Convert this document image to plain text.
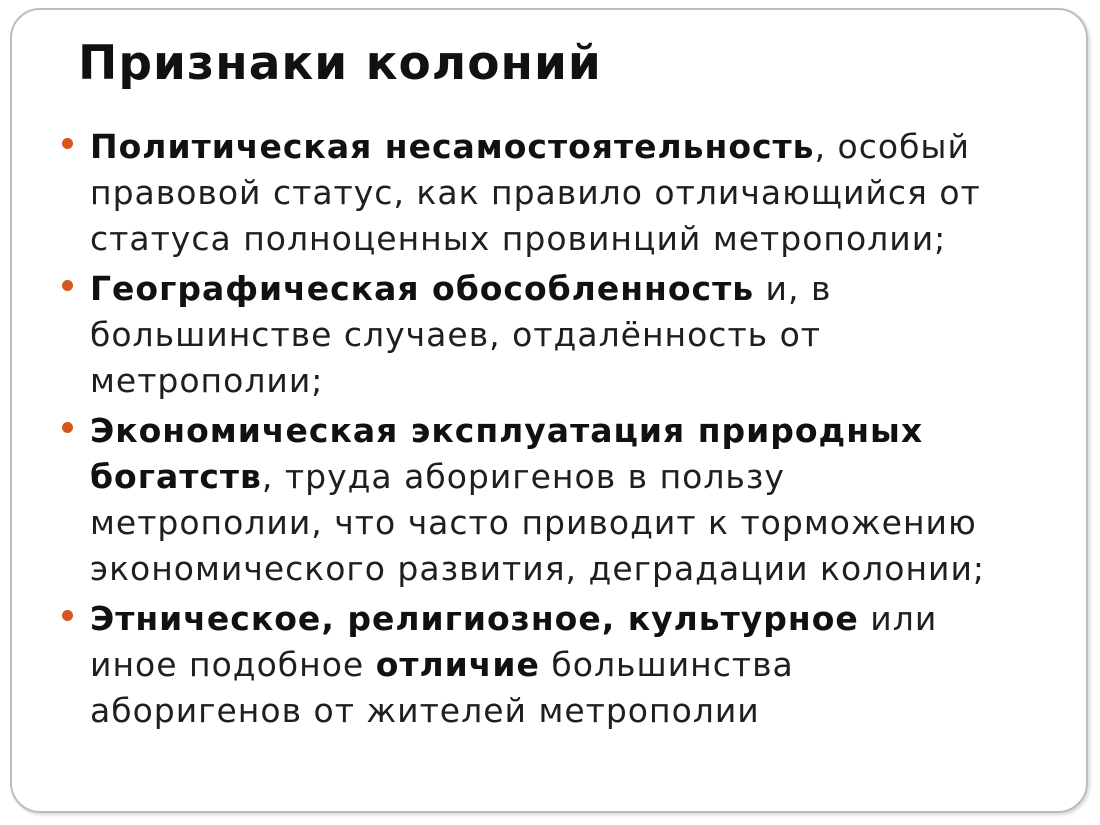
Признаки колоний

Политическая несамостоятельность, особый
правовой статус, как правило отличающийся от
статуса полноценных провинций метрополии;

Географическая обособленность и, в
большинстве случаев, отдалённость от
метрополии;

Экономическая эксплуатация природных
богатств, труда аборигенов в пользу
метрополии, что часто приводит к торможению
экономического развития, деградации колонии;

Этническое, религиозное, культурное или
иное подобное отличие большинства
аборигенов от жителей метрополии
